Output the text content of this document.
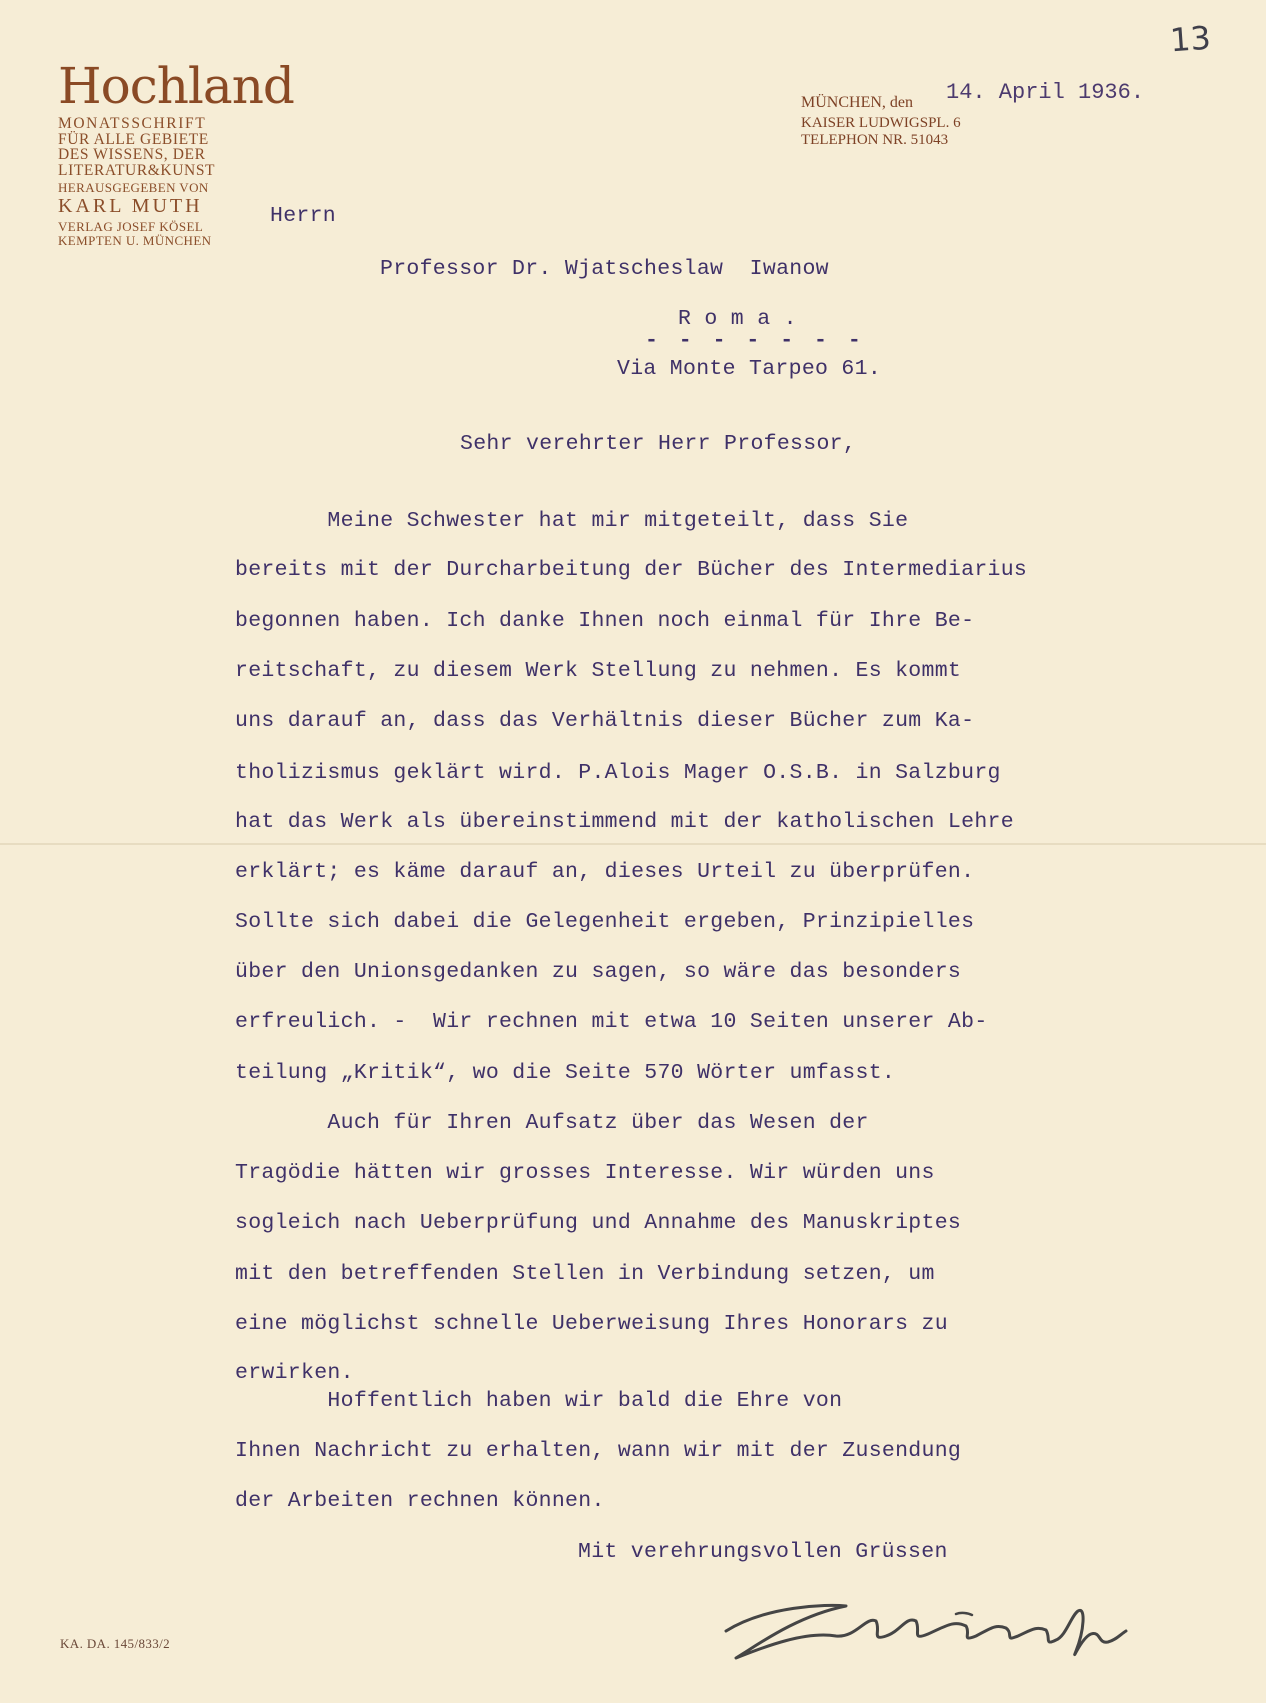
Hochland
MONATSSCHRIFT
FÜR ALLE GEBIETE
DES WISSENS, DER
LITERATUR&KUNST
HERAUSGEGEBEN VON
KARL MUTH
VERLAG JOSEF KÖSEL
KEMPTEN U. MÜNCHEN
MÜNCHEN, den
KAISER LUDWIGSPL. 6
TELEPHON NR. 51043
14. April 1936.
13
Herrn
Professor Dr. Wjatscheslaw  Iwanow
R o m a .
- - - - - - -
Via Monte Tarpeo 61.
Sehr verehrter Herr Professor,
Meine Schwester hat mir mitgeteilt, dass Sie
bereits mit der Durcharbeitung der Bücher des Intermediarius
begonnen haben. Ich danke Ihnen noch einmal für Ihre Be-
reitschaft, zu diesem Werk Stellung zu nehmen. Es kommt
uns darauf an, dass das Verhältnis dieser Bücher zum Ka-
tholizismus geklärt wird. P.Alois Mager O.S.B. in Salzburg
hat das Werk als übereinstimmend mit der katholischen Lehre
erklärt; es käme darauf an, dieses Urteil zu überprüfen.
Sollte sich dabei die Gelegenheit ergeben, Prinzipielles
über den Unionsgedanken zu sagen, so wäre das besonders
erfreulich. -  Wir rechnen mit etwa 10 Seiten unserer Ab-
teilung „Kritik“, wo die Seite 570 Wörter umfasst.
Auch für Ihren Aufsatz über das Wesen der
Tragödie hätten wir grosses Interesse. Wir würden uns
sogleich nach Ueberprüfung und Annahme des Manuskriptes
mit den betreffenden Stellen in Verbindung setzen, um
eine möglichst schnelle Ueberweisung Ihres Honorars zu
erwirken.
Hoffentlich haben wir bald die Ehre von
Ihnen Nachricht zu erhalten, wann wir mit der Zusendung
der Arbeiten rechnen können.
Mit verehrungsvollen Grüssen
KA. DA. 145/833/2
